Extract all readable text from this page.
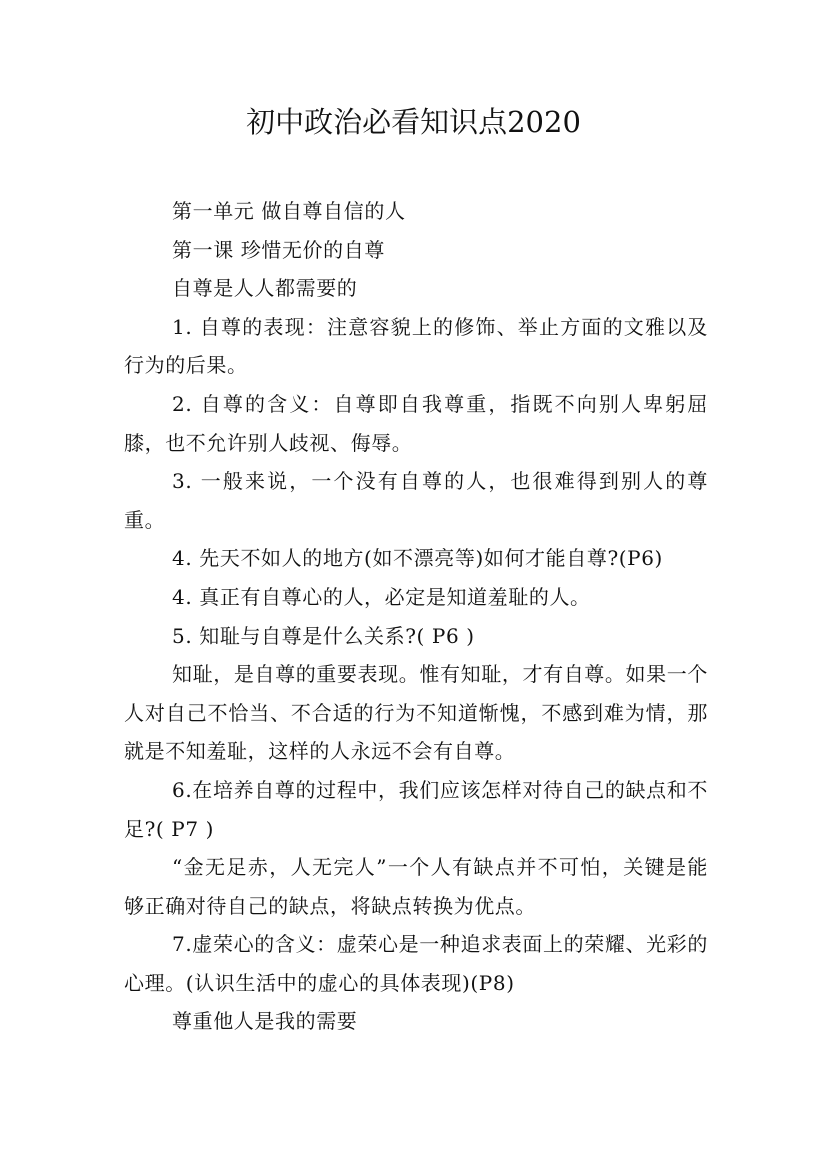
初中政治必看知识点2020

第一单元 做自尊自信的人

第一课 珍惜无价的自尊

自尊是人人都需要的

1. 自尊的表现：注意容貌上的修饰、举止方面的文雅以及行为的后果。

2. 自尊的含义：自尊即自我尊重，指既不向别人卑躬屈膝，也不允许别人歧视、侮辱。

3. 一般来说，一个没有自尊的人，也很难得到别人的尊重。

4. 先天不如人的地方(如不漂亮等)如何才能自尊?(P6)

4. 真正有自尊心的人，必定是知道羞耻的人。

5. 知耻与自尊是什么关系?( P6 )

知耻，是自尊的重要表现。惟有知耻，才有自尊。如果一个人对自己不恰当、不合适的行为不知道惭愧，不感到难为情，那就是不知羞耻，这样的人永远不会有自尊。

6.在培养自尊的过程中，我们应该怎样对待自己的缺点和不足?( P7 )

“金无足赤，人无完人”一个人有缺点并不可怕，关键是能够正确对待自己的缺点，将缺点转换为优点。

7.虚荣心的含义：虚荣心是一种追求表面上的荣耀、光彩的心理。(认识生活中的虚心的具体表现)(P8)

尊重他人是我的需要
